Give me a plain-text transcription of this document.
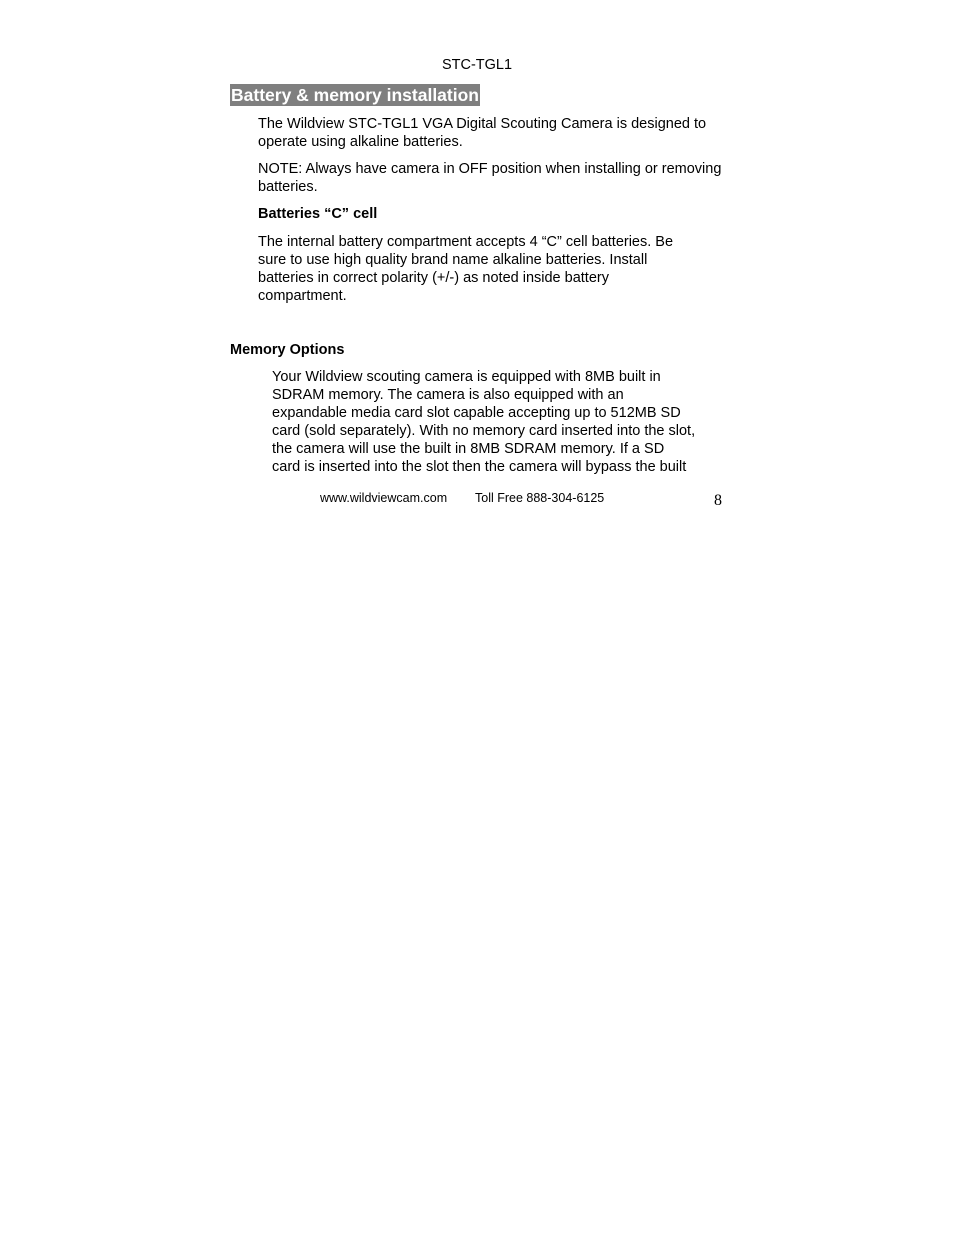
STC-TGL1
Battery & memory installation

The Wildview STC-TGL1 VGA Digital Scouting Camera is designed to operate using alkaline batteries.

NOTE: Always have camera in OFF position when installing or removing batteries.

Batteries “C” cell
The internal battery compartment accepts 4 “C” cell batteries. Be
sure to use high quality brand name alkaline batteries. Install
batteries in correct polarity (+/-) as noted inside battery
compartment.
Memory Options
Your Wildview scouting camera is equipped with 8MB built in
SDRAM memory. The camera is also equipped with an
expandable media card slot capable accepting up to 512MB SD
card (sold separately). With no memory card inserted into the slot,
the camera will use the built in 8MB SDRAM memory. If a SD
card is inserted into the slot then the camera will bypass the built
www.wildviewcam.com Toll Free 888-304-6125	8
